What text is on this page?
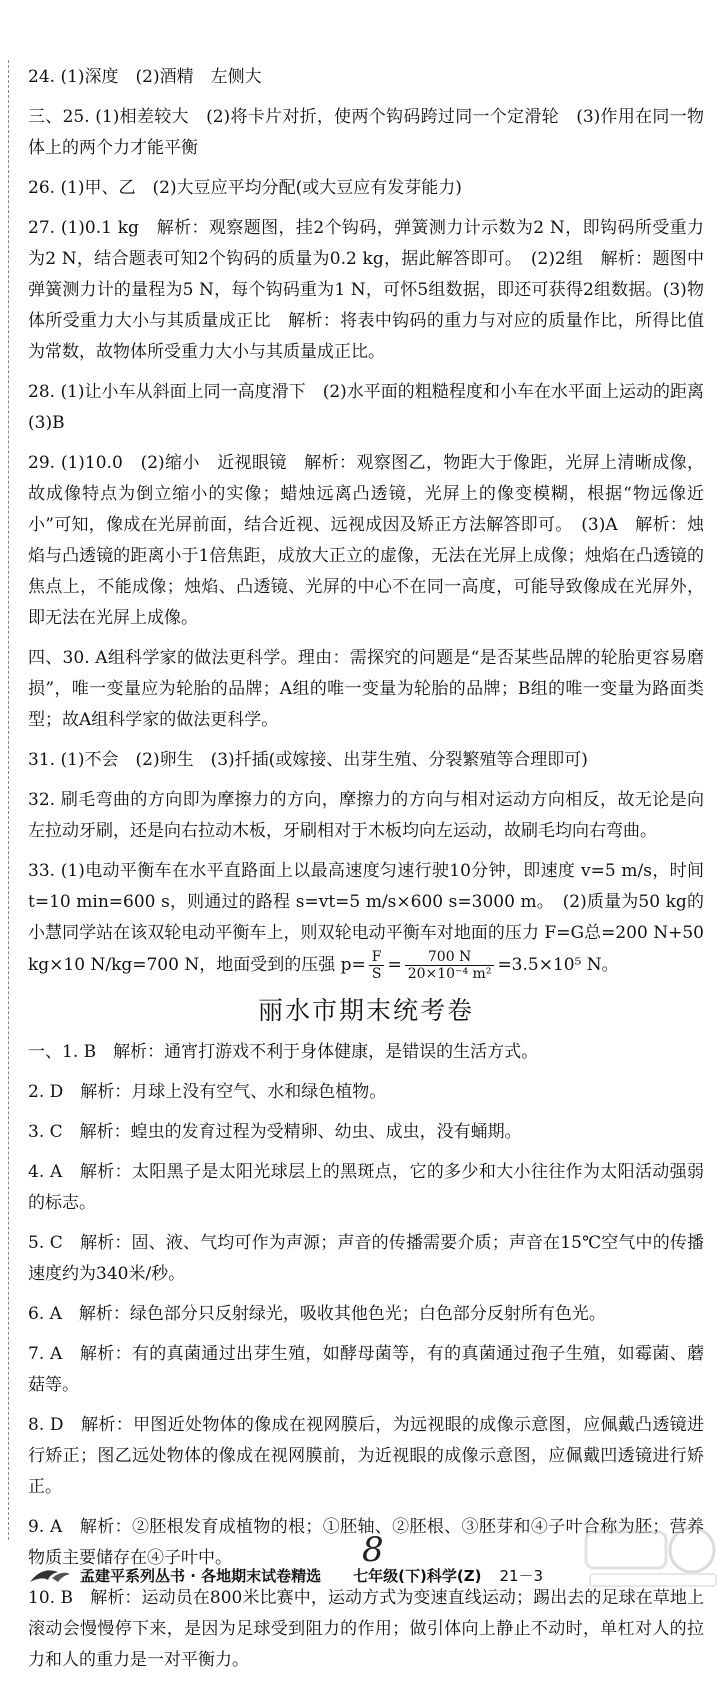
24. (1)深度　(2)酒精　左侧大
三、25. (1)相差较大　(2)将卡片对折，使两个钩码跨过同一个定滑轮　(3)作用在同一物体上的两个力才能平衡
26. (1)甲、乙　(2)大豆应平均分配(或大豆应有发芽能力)
27. (1)0.1 kg　解析：观察题图，挂2个钩码，弹簧测力计示数为2 N，即钩码所受重力为2 N，结合题表可知2个钩码的质量为0.2 kg，据此解答即可。　(2)2组　解析：题图中弹簧测力计的量程为5 N，每个钩码重为1 N，可怀5组数据，即还可获得2组数据。(3)物体所受重力大小与其质量成正比　解析：将表中钩码的重力与对应的质量作比，所得比值为常数，故物体所受重力大小与其质量成正比。
28. (1)让小车从斜面上同一高度滑下　(2)水平面的粗糙程度和小车在水平面上运动的距离　(3)B
29. (1)10.0　(2)缩小　近视眼镜　解析：观察图乙，物距大于像距，光屏上清晰成像，故成像特点为倒立缩小的实像；蜡烛远离凸透镜，光屏上的像变模糊，根据“物远像近小”可知，像成在光屏前面，结合近视、远视成因及矫正方法解答即可。　(3)A　解析：烛焰与凸透镜的距离小于1倍焦距，成放大正立的虚像，无法在光屏上成像；烛焰在凸透镜的焦点上，不能成像；烛焰、凸透镜、光屏的中心不在同一高度，可能导致像成在光屏外，即无法在光屏上成像。
四、30. A组科学家的做法更科学。理由：需探究的问题是“是否某些品牌的轮胎更容易磨损”，唯一变量应为轮胎的品牌；A组的唯一变量为轮胎的品牌；B组的唯一变量为路面类型；故A组科学家的做法更科学。
31. (1)不会　(2)卵生　(3)扦插(或嫁接、出芽生殖、分裂繁殖等合理即可)
32. 刷毛弯曲的方向即为摩擦力的方向，摩擦力的方向与相对运动方向相反，故无论是向左拉动牙刷，还是向右拉动木板，牙刷相对于木板均向左运动，故刷毛均向右弯曲。
33. (1)电动平衡车在水平直路面上以最高速度匀速行驶10分钟，即速度 v=5 m/s，时间 t=10 min=600 s，则通过的路程 s=vt=5 m/s×600 s=3000 m。　(2)质量为50 kg的小慧同学站在该双轮电动平衡车上，则双轮电动平衡车对地面的压力 F=G总=200 N+50 kg×10 N/kg=700 N，地面受到的压强 $p= \frac{F}{S} = \frac{700 N}{\text{20×10⁻⁴ m²}} =3.5\times 10^5$ N。
丽水市期末统考卷
一、1. B　解析：通宵打游戏不利于身体健康，是错误的生活方式。
2. D　解析：月球上没有空气、水和绿色植物。
3. C　解析：蝗虫的发育过程为受精卵、幼虫、成虫，没有蛹期。
4. A　解析：太阳黑子是太阳光球层上的黑斑点，它的多少和大小往往作为太阳活动强弱的标志。
5. C　解析：固、液、气均可作为声源；声音的传播需要介质；声音在15℃空气中的传播速度约为340米/秒。
6. A　解析：绿色部分只反射绿光，吸收其他色光；白色部分反射所有色光。
7. A　解析：有的真菌通过出芽生殖，如酵母菌等，有的真菌通过孢子生殖，如霉菌、蘑菇等。
8. D　解析：甲图近处物体的像成在视网膜后，为远视眼的成像示意图，应佩戴凸透镜进行矫正；图乙远处物体的像成在视网膜前，为近视眼的成像示意图，应佩戴凹透镜进行矫正。
9. A　解析：②胚根发育成植物的根；①胚轴、②胚根、③胚芽和④子叶合称为胚；营养物质主要储存在④子叶中。
10. B　解析：运动员在800米比赛中，运动方式为变速直线运动；踢出去的足球在草地上滚动会慢慢停下来，是因为足球受到阻力的作用；做引体向上静止不动时，单杠对人的拉力和人的重力是一对平衡力。
8
孟建平系列丛书 · 各地期末试卷精选 七年级(下)科学(Z) 21－3
